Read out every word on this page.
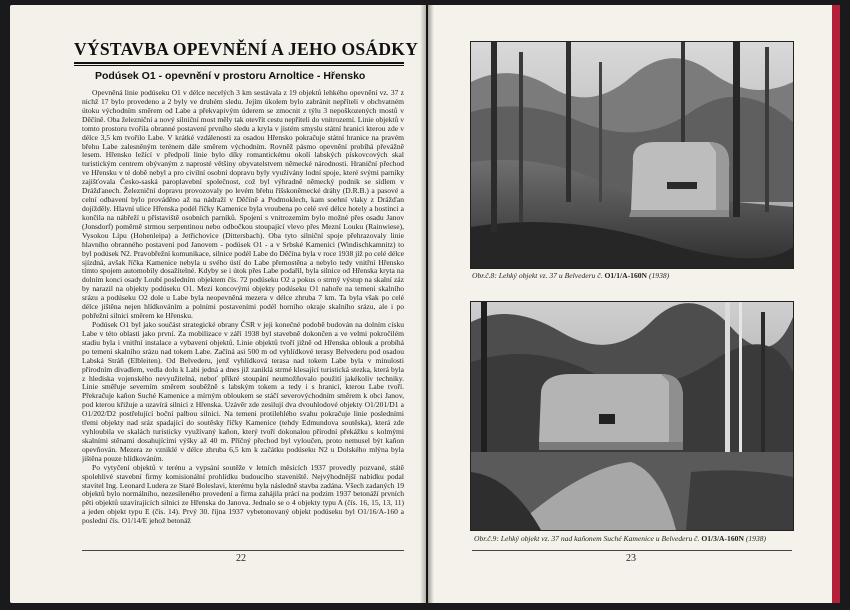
VÝSTAVBA OPEVNĚNÍ A JEHO OSÁDKY
Podúsek O1 - opevnění v prostoru Arnoltice - Hřensko

Opevněná linie podúseku O1 v délce necelých 3 km sestávala z 19 objektů lehkého opevnění vz. 37 z nichž 17 bylo provedeno a 2 byly ve druhém sledu. Jejím úkolem bylo zabránit nepříteli v obchvatném útoku východním směrem od Labe a překvapivým úderem se zmocnit z týlu 3 nepoškozených mostů v Děčíně. Oba železniční a nový silniční most měly tak otevřít cestu nepříteli do vnitrozemí. Linie objektů v tomto prostoru tvořila obranné postavení prvního sledu a kryla v jistém smyslu státní hranici kterou zde v délce 3,5 km tvořilo Labe. V krátké vzdálenosti za osadou Hřensko pokračuje státní hranice na pravém břehu Labe zalesněným terénem dále směrem východním. Rovněž pásmo opevnění probíhá převážně lesem. Hřensko ležící v předpolí linie bylo díky romantickému okolí labských pískovcových skal turistickým centrem obývaným z naprosté většiny obyvatelstvem německé národnosti. Hraniční přechod ve Hřensku v té době nebyl a pro civilní osobní dopravu byly využívány lodní spoje, které svými parníky zajišťovala Česko-saská paroplavební společnost, což byl výhradně německý podnik se sídlem v Drážďanech. Železniční dopravu provozovaly po levém břehu říšskoněmecké dráhy (D.R.B.) a pasové a celní odbavení bylo prováděno až na nádraží v Děčíně a Podmoklech, kam soehní vlaky z Drážďan dojížděly. Hlavní ulice Hřenska podél říčky Kamenice byla vroubena po celé své délce hotely a hostinci a končila na nábřeží u přístaviště osobních parníků. Spojení s vnitrozemím bylo možné přes osadu Janov (Jonsdorf) poměrně strmou serpentinou nebo odbočkou stoupající vlevo přes Mezní Louku (Rainwiese), Vysokou Lípu (Hohenleipa) a Jetřichovice (Dittersbach). Oba tyto silniční spoje přehrazovaly linie hlavního obranného postavení pod Janovem - podúsek O1 - a v Srbské Kamenici (Windischkamnitz) to byl podúsek N2. Pravobřežní komunikace, silnice podél Labe do Děčína byla v roce 1938 jíž po celé délce sjízdná, avšak říčka Kamenice nebyla u svého ústí do Labe přemostěna a nebylo tedy vnitřní Hřensko tímto spojem automobily dosažitelné. Kdyby se i útok přes Labe podařil, byla silnice od Hřenska kryta na dolním konci osady Loubí posledním objektem čís. 72 podúseku O2 a pokus o strmý výstup na skalní záz by narazil na objekty podúseku O1. Mezi koncovými objekty podúseku O1 nahoře na temeni skalního srázu a podúseku O2 dole u Labe byla neopevněná mezera v délce zhruba 7 km. Ta byla však po celé délce jištěna nejen hlídkováním a polními postaveními podél horního okraje skalního srázu, ale i po pobřežní silnici směrem ke Hřensku.

Podúsek O1 byl jako součást strategické obrany ČSR v jeji konečné podobě budován na dolním císku Labe v této oblasti jako první. Za mobilizace v září 1938 byl stavebně dokončen a ve velmi pokročilém stadiu byla i vnitřní instalace a vybavení objektů. Linie objektů tvoří jižně od Hřenska oblouk a probíhá po temeni skalního srázu nad tokem Labe. Začíná asi 500 m od vyhlídkové terasy Belvederu pod osadou Labská Stráň (Elbleiten). Od Belvederu, jenž vyhlídková terasa nad tokem Labe byla v minulosti přírodním divadlem, vedla dolu k Labi jedná a dnes již zaniklá strmé klesající turistická stezka, která byla z hlediska vojenského nevyužitelná, neboť příkré stoupání neumožňovalo použití jakékoliv techniky. Linie směřuje severním směrem souběžně s labským tokem a tedy i s hranicí, kterou Labe tvoří. Překračuje kaňon Suché Kamenice a mírným obloukem se stáčí severovýchodním směrem k obci Janov, pod kterou křižuje a uzavírá silnici z Hřenska. Uzávěr zde zesilují dva dvouhlodové objekty O1/201/D1 a O1/202/D2 postřelující boční palbou silnici. Na temeni protilehlého svahu pokračuje linie posledními třemi objekty nad sráz spadající do soutěsky říčky Kamenice (tehdy Edmundova soutěska), která zde vyhloubila ve skalách turisticky využívaný kaňon, který tvoří dokonalou přírodní překážku s kolmými skalními stěnami dosahujícími výšky až 40 m. Příčný přechod byl vyloučen, proto nemusel být kaňon opevňován. Mezera ze vzniklé v délce zhruba 6,5 km k začátku podúseku N2 u Dolského mlýna byla jištěna pouze hlídkováním.

Po vytyčení objektů v terénu a vypsání soutěže v letních měsících 1937 provedly pozvané, státě spolehlivé stavební firmy komisionální prohlídku budoucího staveniště. Nejvýhodnější nabídku podal stavitel Ing. Leonard Ludera ze Staré Boleslavi, kterému byla následně stavba zadána. Všech zadaných 19 objektů bylo normálního, nezesíleného provedení a firma zahájila práci na podzim 1937 betonáží prvních pěti objektů uzavírajících silnici ze Hřenska do Janova. Jednalo se o 4 objekty typu A (čís. 16, 15, 13, 11) a jeden objekt typu E (čís. 14). Prvý 30. října 1937 vybetonovaný objekt podúseku byl O1/16/A-160 a poslední čís. O1/14/E jehož betonáž

22
Obr.č.8: Lehký objekt vz. 37 u Belvederu č. O1/1/A-160N (1938)
Obr.č.9: Lehký objekt vz. 37 nad kaňonem Suché Kamenice u Belvederu č. O1/3/A-160N (1938)
23
